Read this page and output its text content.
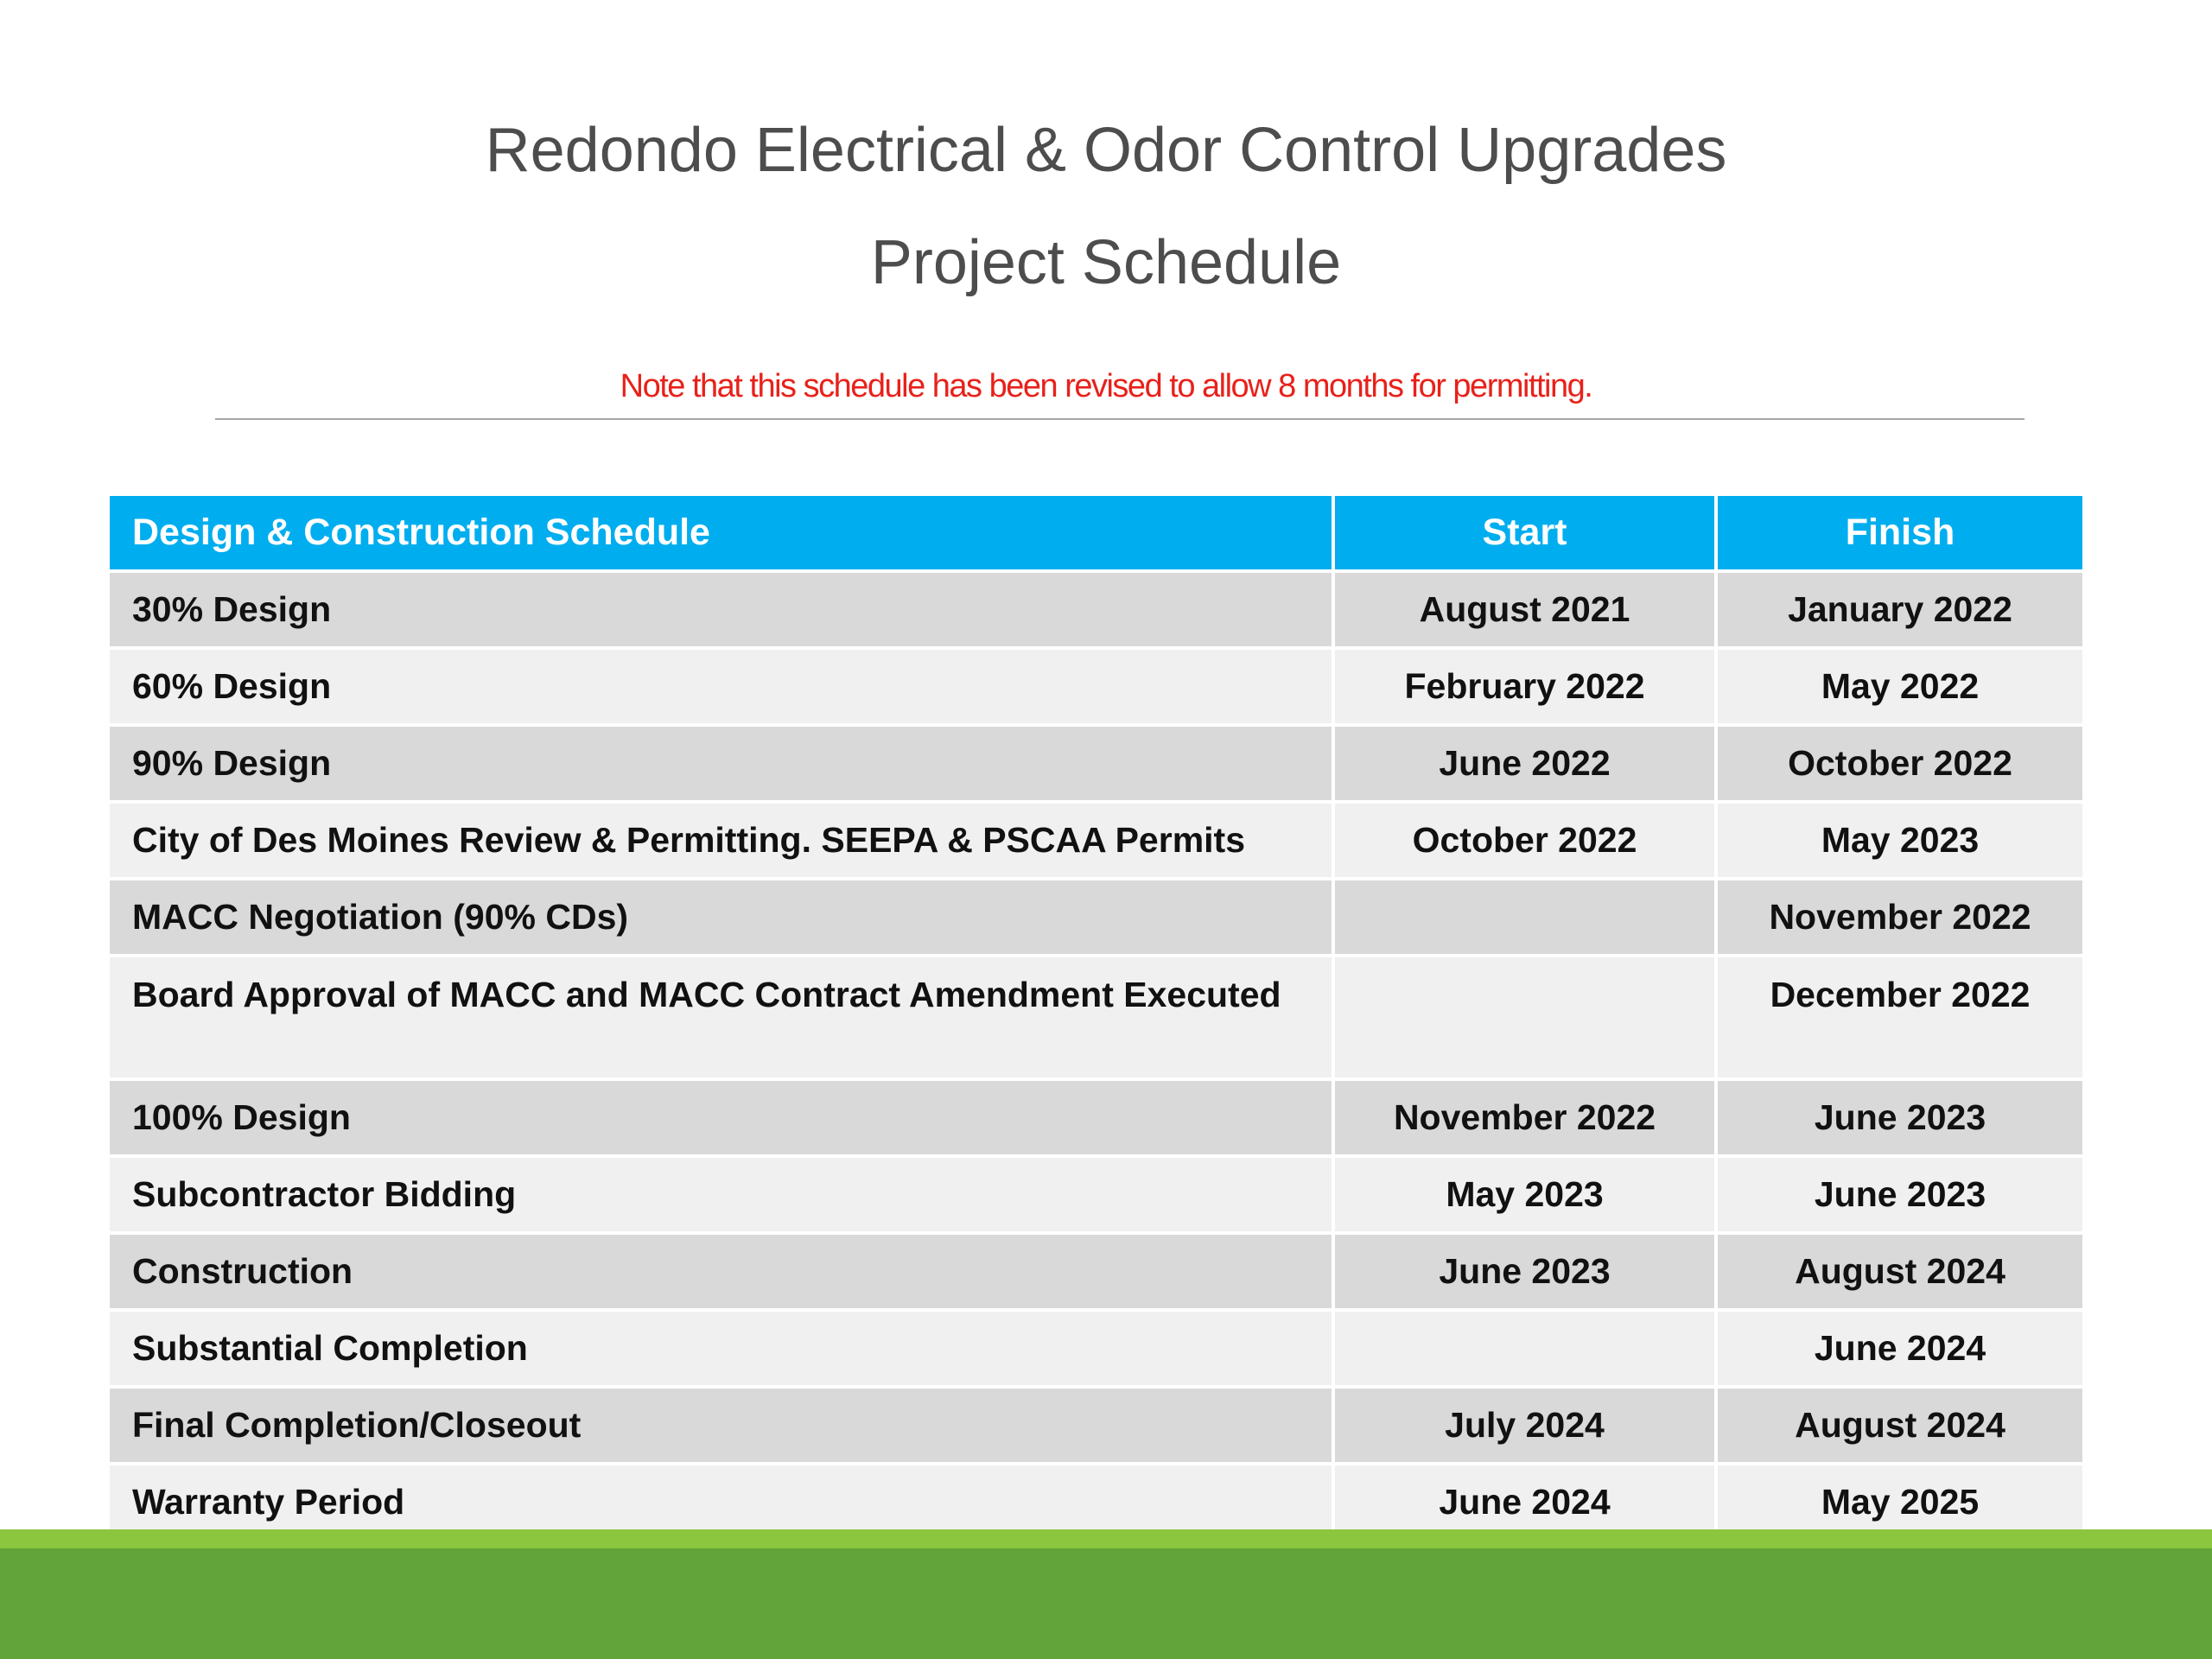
Redondo Electrical & Odor Control Upgrades
Project Schedule
Note that this schedule has been revised to allow 8 months for permitting.
Design & Construction Schedule	Start	Finish
30% Design	August 2021	January 2022
60% Design	February 2022	May 2022
90% Design	June 2022	October 2022
City of Des Moines Review & Permitting. SEEPA & PSCAA Permits	October 2022	May 2023
MACC Negotiation (90% CDs)		November 2022
Board Approval of MACC and MACC Contract Amendment Executed		December 2022
100% Design	November 2022	June 2023
Subcontractor Bidding	May 2023	June 2023
Construction	June 2023	August 2024
Substantial Completion		June 2024
Final Completion/Closeout	July 2024	August 2024
Warranty Period	June 2024	May 2025
